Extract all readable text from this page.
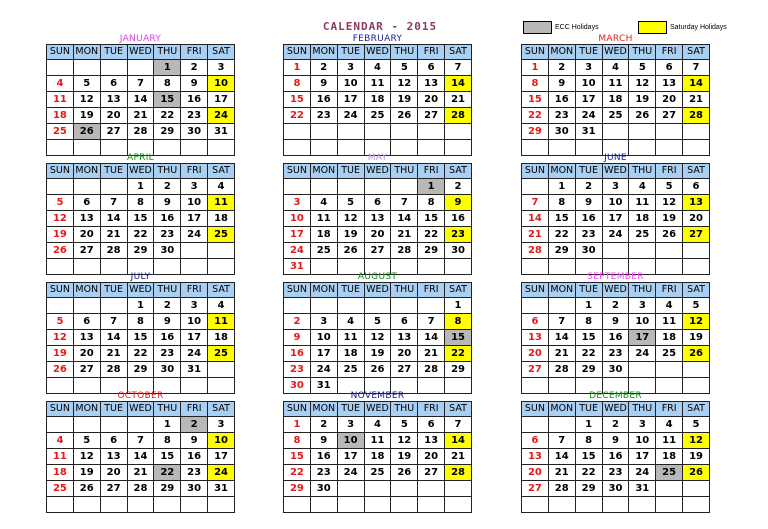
CALENDAR - 2015	ECC Holidays	Saturday Holidays
JANUARY
SUN	MON	TUE	WED	THU	FRI	SAT
				1	2	3
4	5	6	7	8	9	10
11	12	13	14	15	16	17
18	19	20	21	22	23	24
25	26	27	28	29	30	31

FEBRUARY
SUN	MON	TUE	WED	THU	FRI	SAT
1	2	3	4	5	6	7
8	9	10	11	12	13	14
15	16	17	18	19	20	21
22	23	24	25	26	27	28

MARCH
SUN	MON	TUE	WED	THU	FRI	SAT
1	2	3	4	5	6	7
8	9	10	11	12	13	14
15	16	17	18	19	20	21
22	23	24	25	26	27	28
29	30	31				

APRIL
SUN	MON	TUE	WED	THU	FRI	SAT
			1	2	3	4
5	6	7	8	9	10	11
12	13	14	15	16	17	18
19	20	21	22	23	24	25
26	27	28	29	30		

MAY
SUN	MON	TUE	WED	THU	FRI	SAT
					1	2
3	4	5	6	7	8	9
10	11	12	13	14	15	16
17	18	19	20	21	22	23
24	25	26	27	28	29	30
31						
JUNE
SUN	MON	TUE	WED	THU	FRI	SAT
	1	2	3	4	5	6
7	8	9	10	11	12	13
14	15	16	17	18	19	20
21	22	23	24	25	26	27
28	29	30				

JULY
SUN	MON	TUE	WED	THU	FRI	SAT
			1	2	3	4
5	6	7	8	9	10	11
12	13	14	15	16	17	18
19	20	21	22	23	24	25
26	27	28	29	30	31	

AUGUST
SUN	MON	TUE	WED	THU	FRI	SAT
						1
2	3	4	5	6	7	8
9	10	11	12	13	14	15
16	17	18	19	20	21	22
23	24	25	26	27	28	29
30	31					
SEPTEMBER
SUN	MON	TUE	WED	THU	FRI	SAT
		1	2	3	4	5
6	7	8	9	10	11	12
13	14	15	16	17	18	19
20	21	22	23	24	25	26
27	28	29	30			

OCTOBER
SUN	MON	TUE	WED	THU	FRI	SAT
				1	2	3
4	5	6	7	8	9	10
11	12	13	14	15	16	17
18	19	20	21	22	23	24
25	26	27	28	29	30	31

NOVEMBER
SUN	MON	TUE	WED	THU	FRI	SAT
1	2	3	4	5	6	7
8	9	10	11	12	13	14
15	16	17	18	19	20	21
22	23	24	25	26	27	28
29	30					

DECEMBER
SUN	MON	TUE	WED	THU	FRI	SAT
		1	2	3	4	5
6	7	8	9	10	11	12
13	14	15	16	17	18	19
20	21	22	23	24	25	26
27	28	29	30	31		
